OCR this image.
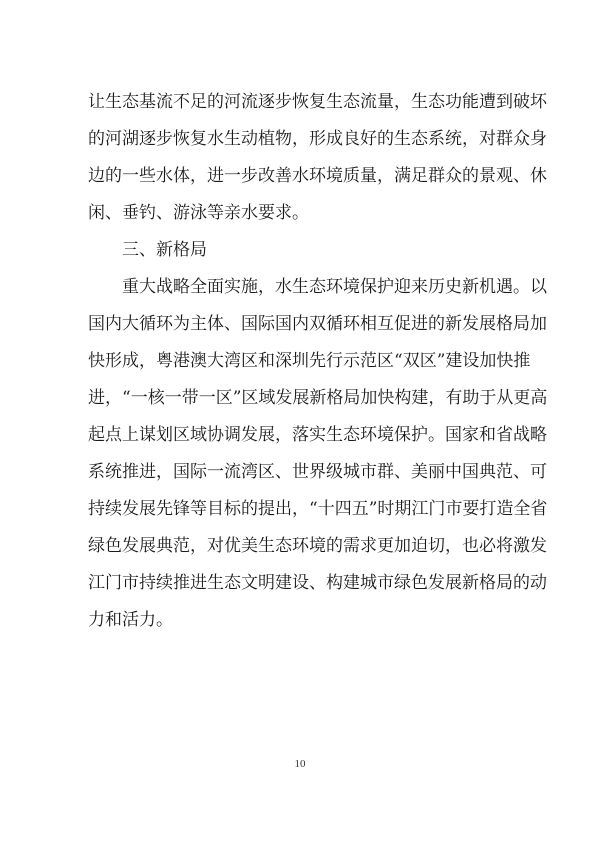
让生态基流不足的河流逐步恢复生态流量，生态功能遭到破坏
的河湖逐步恢复水生动植物，形成良好的生态系统，对群众身
边的一些水体，进一步改善水环境质量，满足群众的景观、休
闲、垂钓、游泳等亲水要求。
三、新格局
重大战略全面实施，水生态环境保护迎来历史新机遇。以
国内大循环为主体、国际国内双循环相互促进的新发展格局加
快形成，粤港澳大湾区和深圳先行示范区“双区”建设加快推
进，“一核一带一区”区域发展新格局加快构建，有助于从更高
起点上谋划区域协调发展，落实生态环境保护。国家和省战略
系统推进，国际一流湾区、世界级城市群、美丽中国典范、可
持续发展先锋等目标的提出，“十四五”时期江门市要打造全省
绿色发展典范，对优美生态环境的需求更加迫切，也必将激发
江门市持续推进生态文明建设、构建城市绿色发展新格局的动
力和活力。
10
